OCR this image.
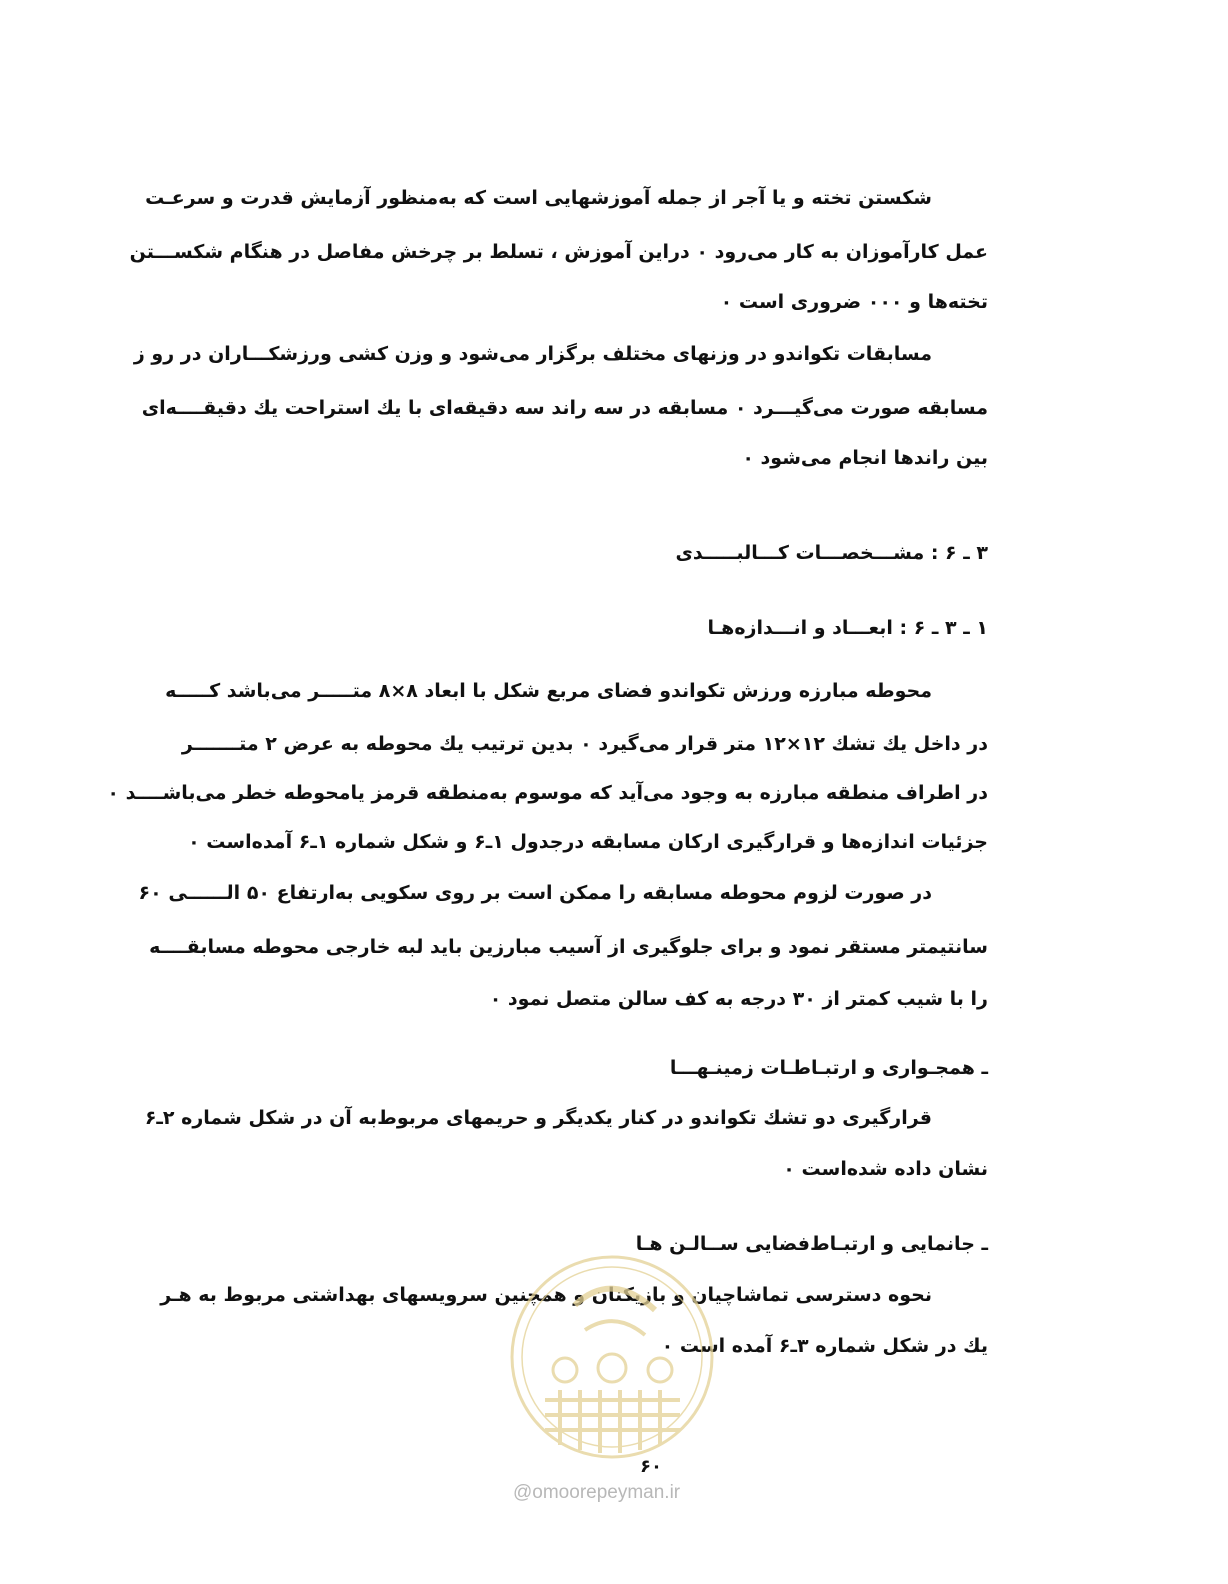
شکستن تخته و یا آجر از جمله آموزشهایی است که به‌منظور آزمایش قدرت و سرعـت
عمل کارآموزان به کار می‌رود ۰ دراین آموزش ، تسلط بر چرخش مفاصل در هنگام شکســـتن
تخته‌ها و ۰۰۰ ضروری است ۰
مسابقات تکواندو در وزنهای مختلف برگزار می‌شود و وزن کشی ورزشکـــاران در رو ز
مسابقه صورت می‌گیـــرد ۰ مسابقه در سه راند سه دقیقه‌ای با یك استراحت یك دقیقــــه‌ای
بین راندها انجام می‌شود ۰
۳ ـ ۶ : مشـــخصـــات کـــالبـــــدی
۱ ـ ۳ ـ ۶ : ابعـــاد و انـــدازه‌هـا
محوطه مبارزه ورزش تکواندو فضای مربع شکل با ابعاد ۸×۸ متـــــر می‌باشد کـــــه
در داخل یك تشك ۱۲×۱۲ متر قرار می‌گیرد ۰ بدین ترتیب یك محوطه به عرض ۲ متـــــــر
در اطراف منطقه مبارزه به وجود می‌آید که موسوم به‌منطقه قرمز یامحوطه خطر می‌باشــــد ۰
جزئیات اندازه‌ها و قرارگیری ارکان مسابقه درجدول ۱ـ۶ و شکل شماره ۱ـ۶ آمده‌است ۰
در صورت لزوم محوطه مسابقه را ممکن است بر روی سکویی به‌ارتفاع ۵۰ الــــــی ۶۰
سانتیمتر مستقر نمود و برای جلوگیری از آسیب مبارزین باید لبه خارجی محوطه مسابقــــه
را با شیب کمتر از ۳۰ درجه به کف سالن متصل نمود ۰
ـ همجـواری و ارتبـاطـات زمینـهـــا
قرارگیری دو تشك تکواندو در کنار یکدیگر و حریمهای مربوط‌به آن در شکل شماره ۲ـ۶
نشان داده شده‌است ۰
ـ جانمایی و ارتبـاط‌فضایی ســالـن هـا
نحوه دسترسی تماشاچیان و بازیکنان و همچنین سرویسهای بهداشتی مربوط به هـر
یك در شکل شماره ۳ـ۶ آمده است ۰
۶۰
@omoorepeyman.ir
